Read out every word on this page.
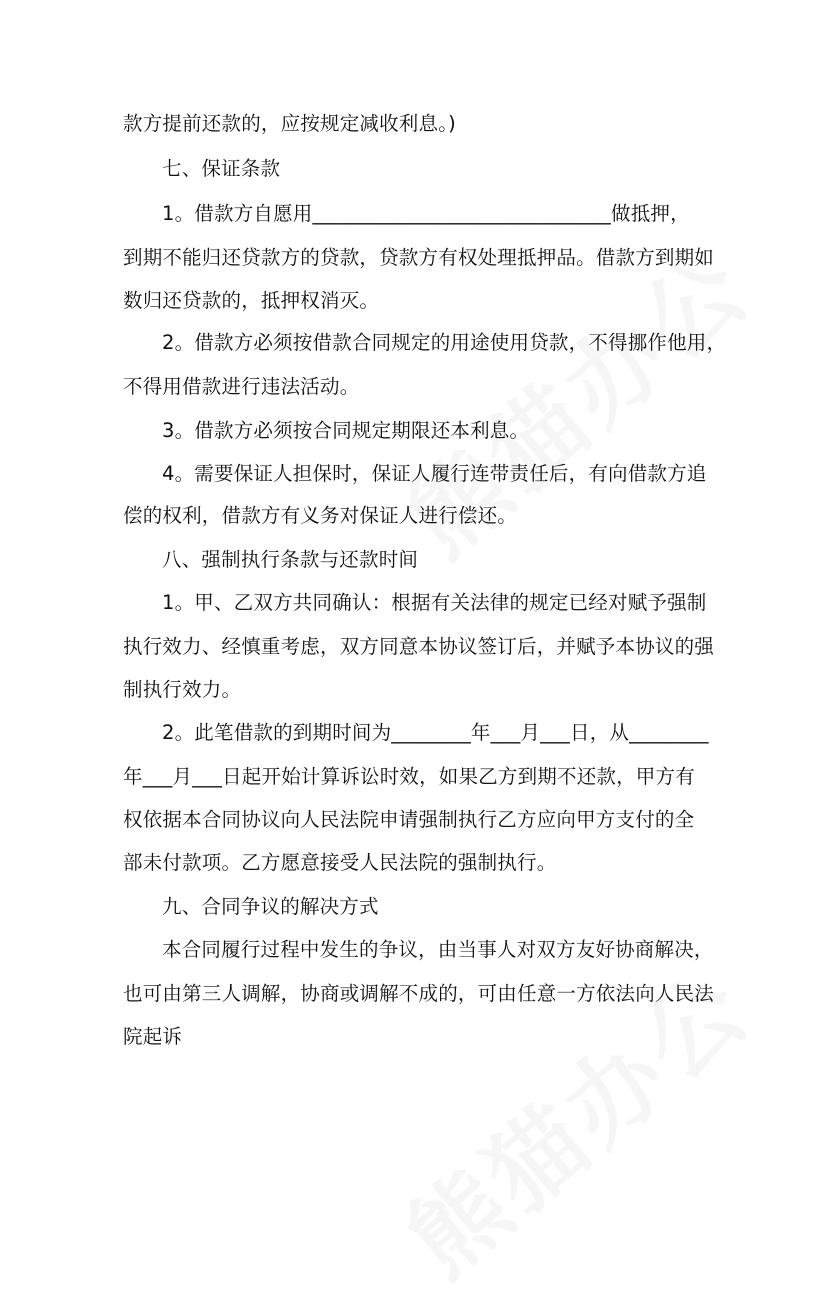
款方提前还款的，应按规定减收利息。)
七、保证条款
1。借款方自愿用______________________________做抵押，
到期不能归还贷款方的贷款，贷款方有权处理抵押品。借款方到期如
数归还贷款的，抵押权消灭。
2。借款方必须按借款合同规定的用途使用贷款，不得挪作他用，
不得用借款进行违法活动。
3。借款方必须按合同规定期限还本利息。
4。需要保证人担保时，保证人履行连带责任后，有向借款方追
偿的权利，借款方有义务对保证人进行偿还。
八、强制执行条款与还款时间
1。甲、乙双方共同确认：根据有关法律的规定已经对赋予强制
执行效力、经慎重考虑，双方同意本协议签订后，并赋予本协议的强
制执行效力。
2。此笔借款的到期时间为________年___月___日，从________
年___月___日起开始计算诉讼时效，如果乙方到期不还款，甲方有
权依据本合同协议向人民法院申请强制执行乙方应向甲方支付的全
部未付款项。乙方愿意接受人民法院的强制执行。
九、合同争议的解决方式
本合同履行过程中发生的争议，由当事人对双方友好协商解决，
也可由第三人调解，协商或调解不成的，可由任意一方依法向人民法
院起诉
